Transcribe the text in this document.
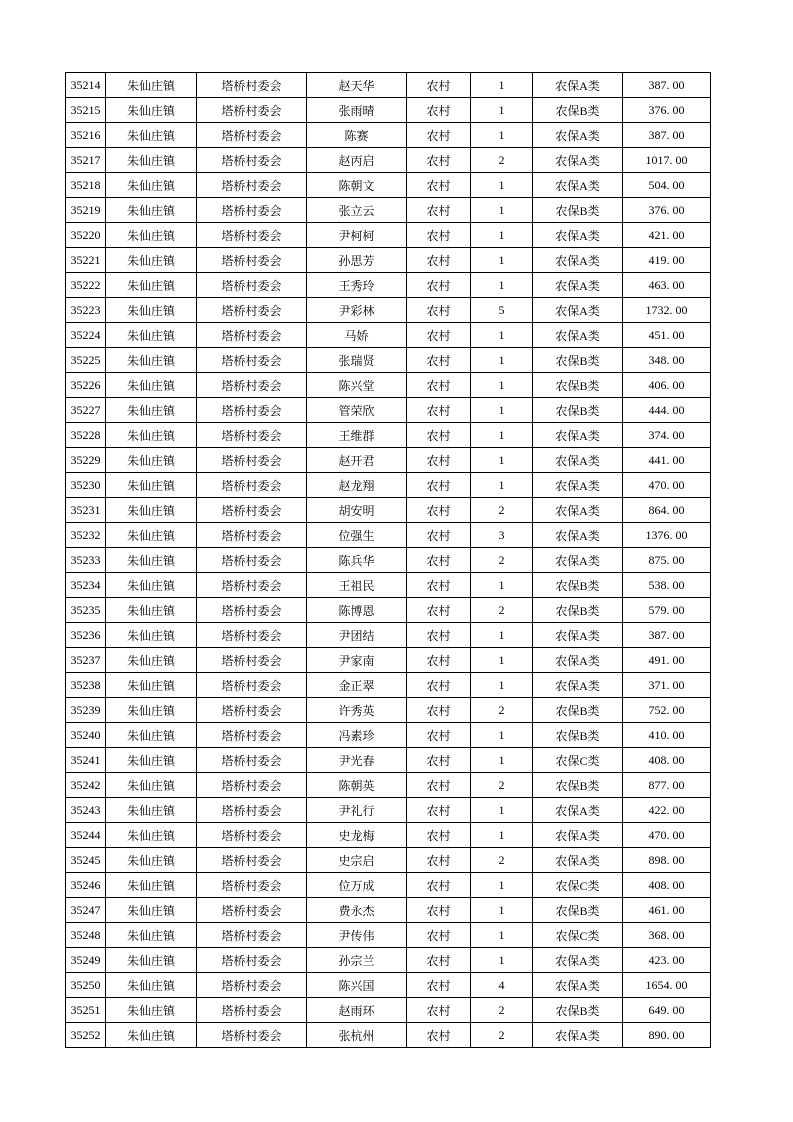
35214	朱仙庄镇	塔桥村委会	赵天华	农村	1	农保A类	387. 00
35215	朱仙庄镇	塔桥村委会	张雨晴	农村	1	农保B类	376. 00
35216	朱仙庄镇	塔桥村委会	陈赛	农村	1	农保A类	387. 00
35217	朱仙庄镇	塔桥村委会	赵丙启	农村	2	农保A类	1017. 00
35218	朱仙庄镇	塔桥村委会	陈朝文	农村	1	农保A类	504. 00
35219	朱仙庄镇	塔桥村委会	张立云	农村	1	农保B类	376. 00
35220	朱仙庄镇	塔桥村委会	尹柯柯	农村	1	农保A类	421. 00
35221	朱仙庄镇	塔桥村委会	孙思芳	农村	1	农保A类	419. 00
35222	朱仙庄镇	塔桥村委会	王秀玲	农村	1	农保A类	463. 00
35223	朱仙庄镇	塔桥村委会	尹彩林	农村	5	农保A类	1732. 00
35224	朱仙庄镇	塔桥村委会	马娇	农村	1	农保A类	451. 00
35225	朱仙庄镇	塔桥村委会	张瑞贤	农村	1	农保B类	348. 00
35226	朱仙庄镇	塔桥村委会	陈兴堂	农村	1	农保B类	406. 00
35227	朱仙庄镇	塔桥村委会	管荣欣	农村	1	农保B类	444. 00
35228	朱仙庄镇	塔桥村委会	王维群	农村	1	农保A类	374. 00
35229	朱仙庄镇	塔桥村委会	赵开君	农村	1	农保A类	441. 00
35230	朱仙庄镇	塔桥村委会	赵龙翔	农村	1	农保A类	470. 00
35231	朱仙庄镇	塔桥村委会	胡安明	农村	2	农保A类	864. 00
35232	朱仙庄镇	塔桥村委会	位强生	农村	3	农保A类	1376. 00
35233	朱仙庄镇	塔桥村委会	陈兵华	农村	2	农保A类	875. 00
35234	朱仙庄镇	塔桥村委会	王祖民	农村	1	农保B类	538. 00
35235	朱仙庄镇	塔桥村委会	陈博恩	农村	2	农保B类	579. 00
35236	朱仙庄镇	塔桥村委会	尹团结	农村	1	农保A类	387. 00
35237	朱仙庄镇	塔桥村委会	尹家南	农村	1	农保A类	491. 00
35238	朱仙庄镇	塔桥村委会	金正翠	农村	1	农保A类	371. 00
35239	朱仙庄镇	塔桥村委会	许秀英	农村	2	农保B类	752. 00
35240	朱仙庄镇	塔桥村委会	冯素珍	农村	1	农保B类	410. 00
35241	朱仙庄镇	塔桥村委会	尹光春	农村	1	农保C类	408. 00
35242	朱仙庄镇	塔桥村委会	陈朝英	农村	2	农保B类	877. 00
35243	朱仙庄镇	塔桥村委会	尹礼行	农村	1	农保A类	422. 00
35244	朱仙庄镇	塔桥村委会	史龙梅	农村	1	农保A类	470. 00
35245	朱仙庄镇	塔桥村委会	史宗启	农村	2	农保A类	898. 00
35246	朱仙庄镇	塔桥村委会	位万成	农村	1	农保C类	408. 00
35247	朱仙庄镇	塔桥村委会	费永杰	农村	1	农保B类	461. 00
35248	朱仙庄镇	塔桥村委会	尹传伟	农村	1	农保C类	368. 00
35249	朱仙庄镇	塔桥村委会	孙宗兰	农村	1	农保A类	423. 00
35250	朱仙庄镇	塔桥村委会	陈兴国	农村	4	农保A类	1654. 00
35251	朱仙庄镇	塔桥村委会	赵雨环	农村	2	农保B类	649. 00
35252	朱仙庄镇	塔桥村委会	张杭州	农村	2	农保A类	890. 00
